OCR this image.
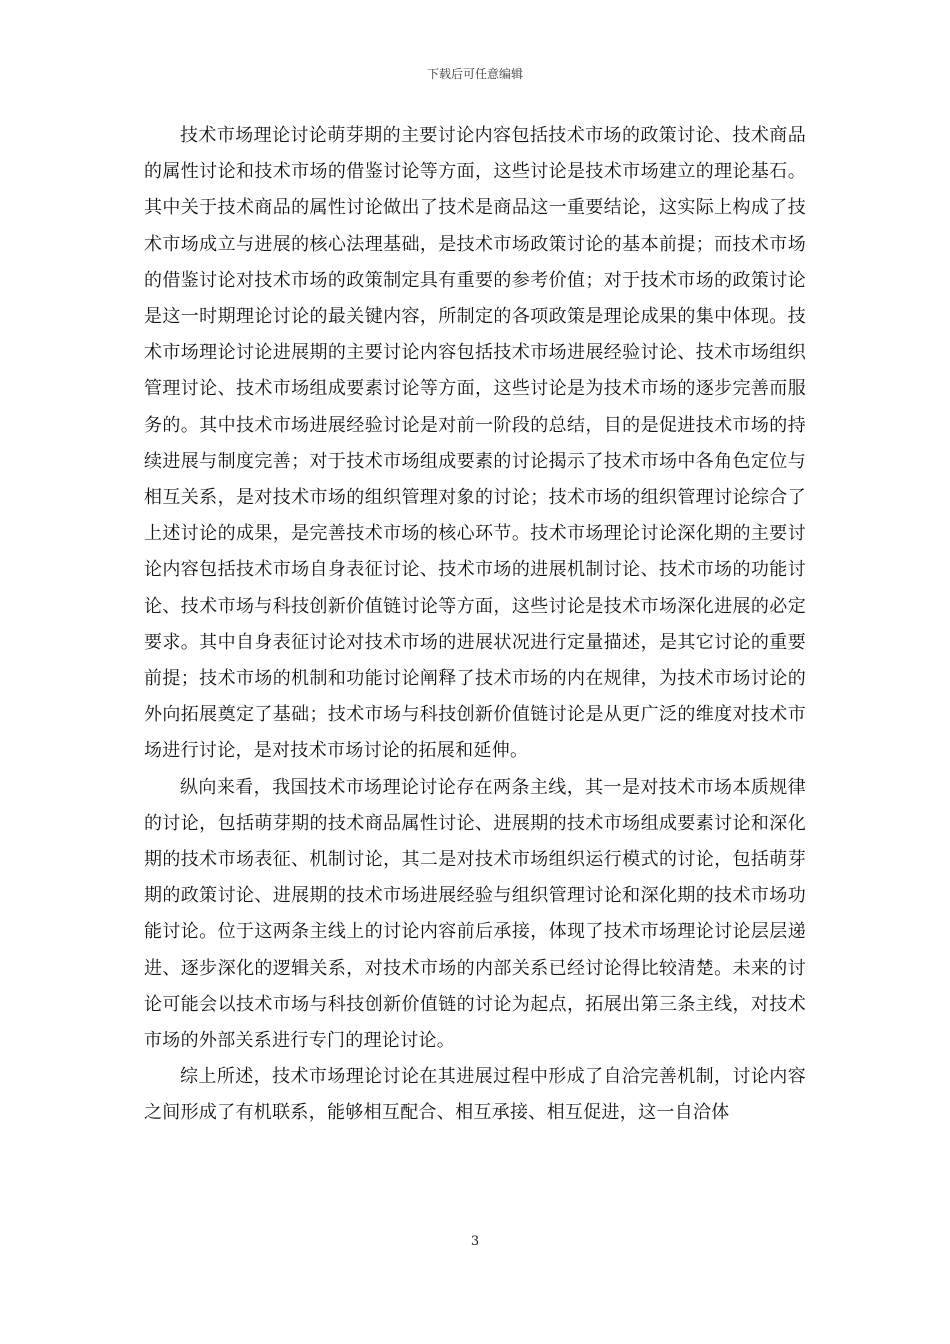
下载后可任意编辑

技术市场理论讨论萌芽期的主要讨论内容包括技术市场的政策讨论、技术商品的属性讨论和技术市场的借鉴讨论等方面，这些讨论是技术市场建立的理论基石。其中关于技术商品的属性讨论做出了技术是商品这一重要结论，这实际上构成了技术市场成立与进展的核心法理基础，是技术市场政策讨论的基本前提；而技术市场的借鉴讨论对技术市场的政策制定具有重要的参考价值；对于技术市场的政策讨论是这一时期理论讨论的最关键内容，所制定的各项政策是理论成果的集中体现。技术市场理论讨论进展期的主要讨论内容包括技术市场进展经验讨论、技术市场组织管理讨论、技术市场组成要素讨论等方面，这些讨论是为技术市场的逐步完善而服务的。其中技术市场进展经验讨论是对前一阶段的总结，目的是促进技术市场的持续进展与制度完善；对于技术市场组成要素的讨论揭示了技术市场中各角色定位与相互关系，是对技术市场的组织管理对象的讨论；技术市场的组织管理讨论综合了上述讨论的成果，是完善技术市场的核心环节。技术市场理论讨论深化期的主要讨论内容包括技术市场自身表征讨论、技术市场的进展机制讨论、技术市场的功能讨论、技术市场与科技创新价值链讨论等方面，这些讨论是技术市场深化进展的必定要求。其中自身表征讨论对技术市场的进展状况进行定量描述，是其它讨论的重要前提；技术市场的机制和功能讨论阐释了技术市场的内在规律，为技术市场讨论的外向拓展奠定了基础；技术市场与科技创新价值链讨论是从更广泛的维度对技术市场进行讨论，是对技术市场讨论的拓展和延伸。

纵向来看，我国技术市场理论讨论存在两条主线，其一是对技术市场本质规律的讨论，包括萌芽期的技术商品属性讨论、进展期的技术市场组成要素讨论和深化期的技术市场表征、机制讨论，其二是对技术市场组织运行模式的讨论，包括萌芽期的政策讨论、进展期的技术市场进展经验与组织管理讨论和深化期的技术市场功能讨论。位于这两条主线上的讨论内容前后承接，体现了技术市场理论讨论层层递进、逐步深化的逻辑关系，对技术市场的内部关系已经讨论得比较清楚。未来的讨论可能会以技术市场与科技创新价值链的讨论为起点，拓展出第三条主线，对技术市场的外部关系进行专门的理论讨论。

综上所述，技术市场理论讨论在其进展过程中形成了自洽完善机制，讨论内容之间形成了有机联系，能够相互配合、相互承接、相互促进，这一自洽体

3
